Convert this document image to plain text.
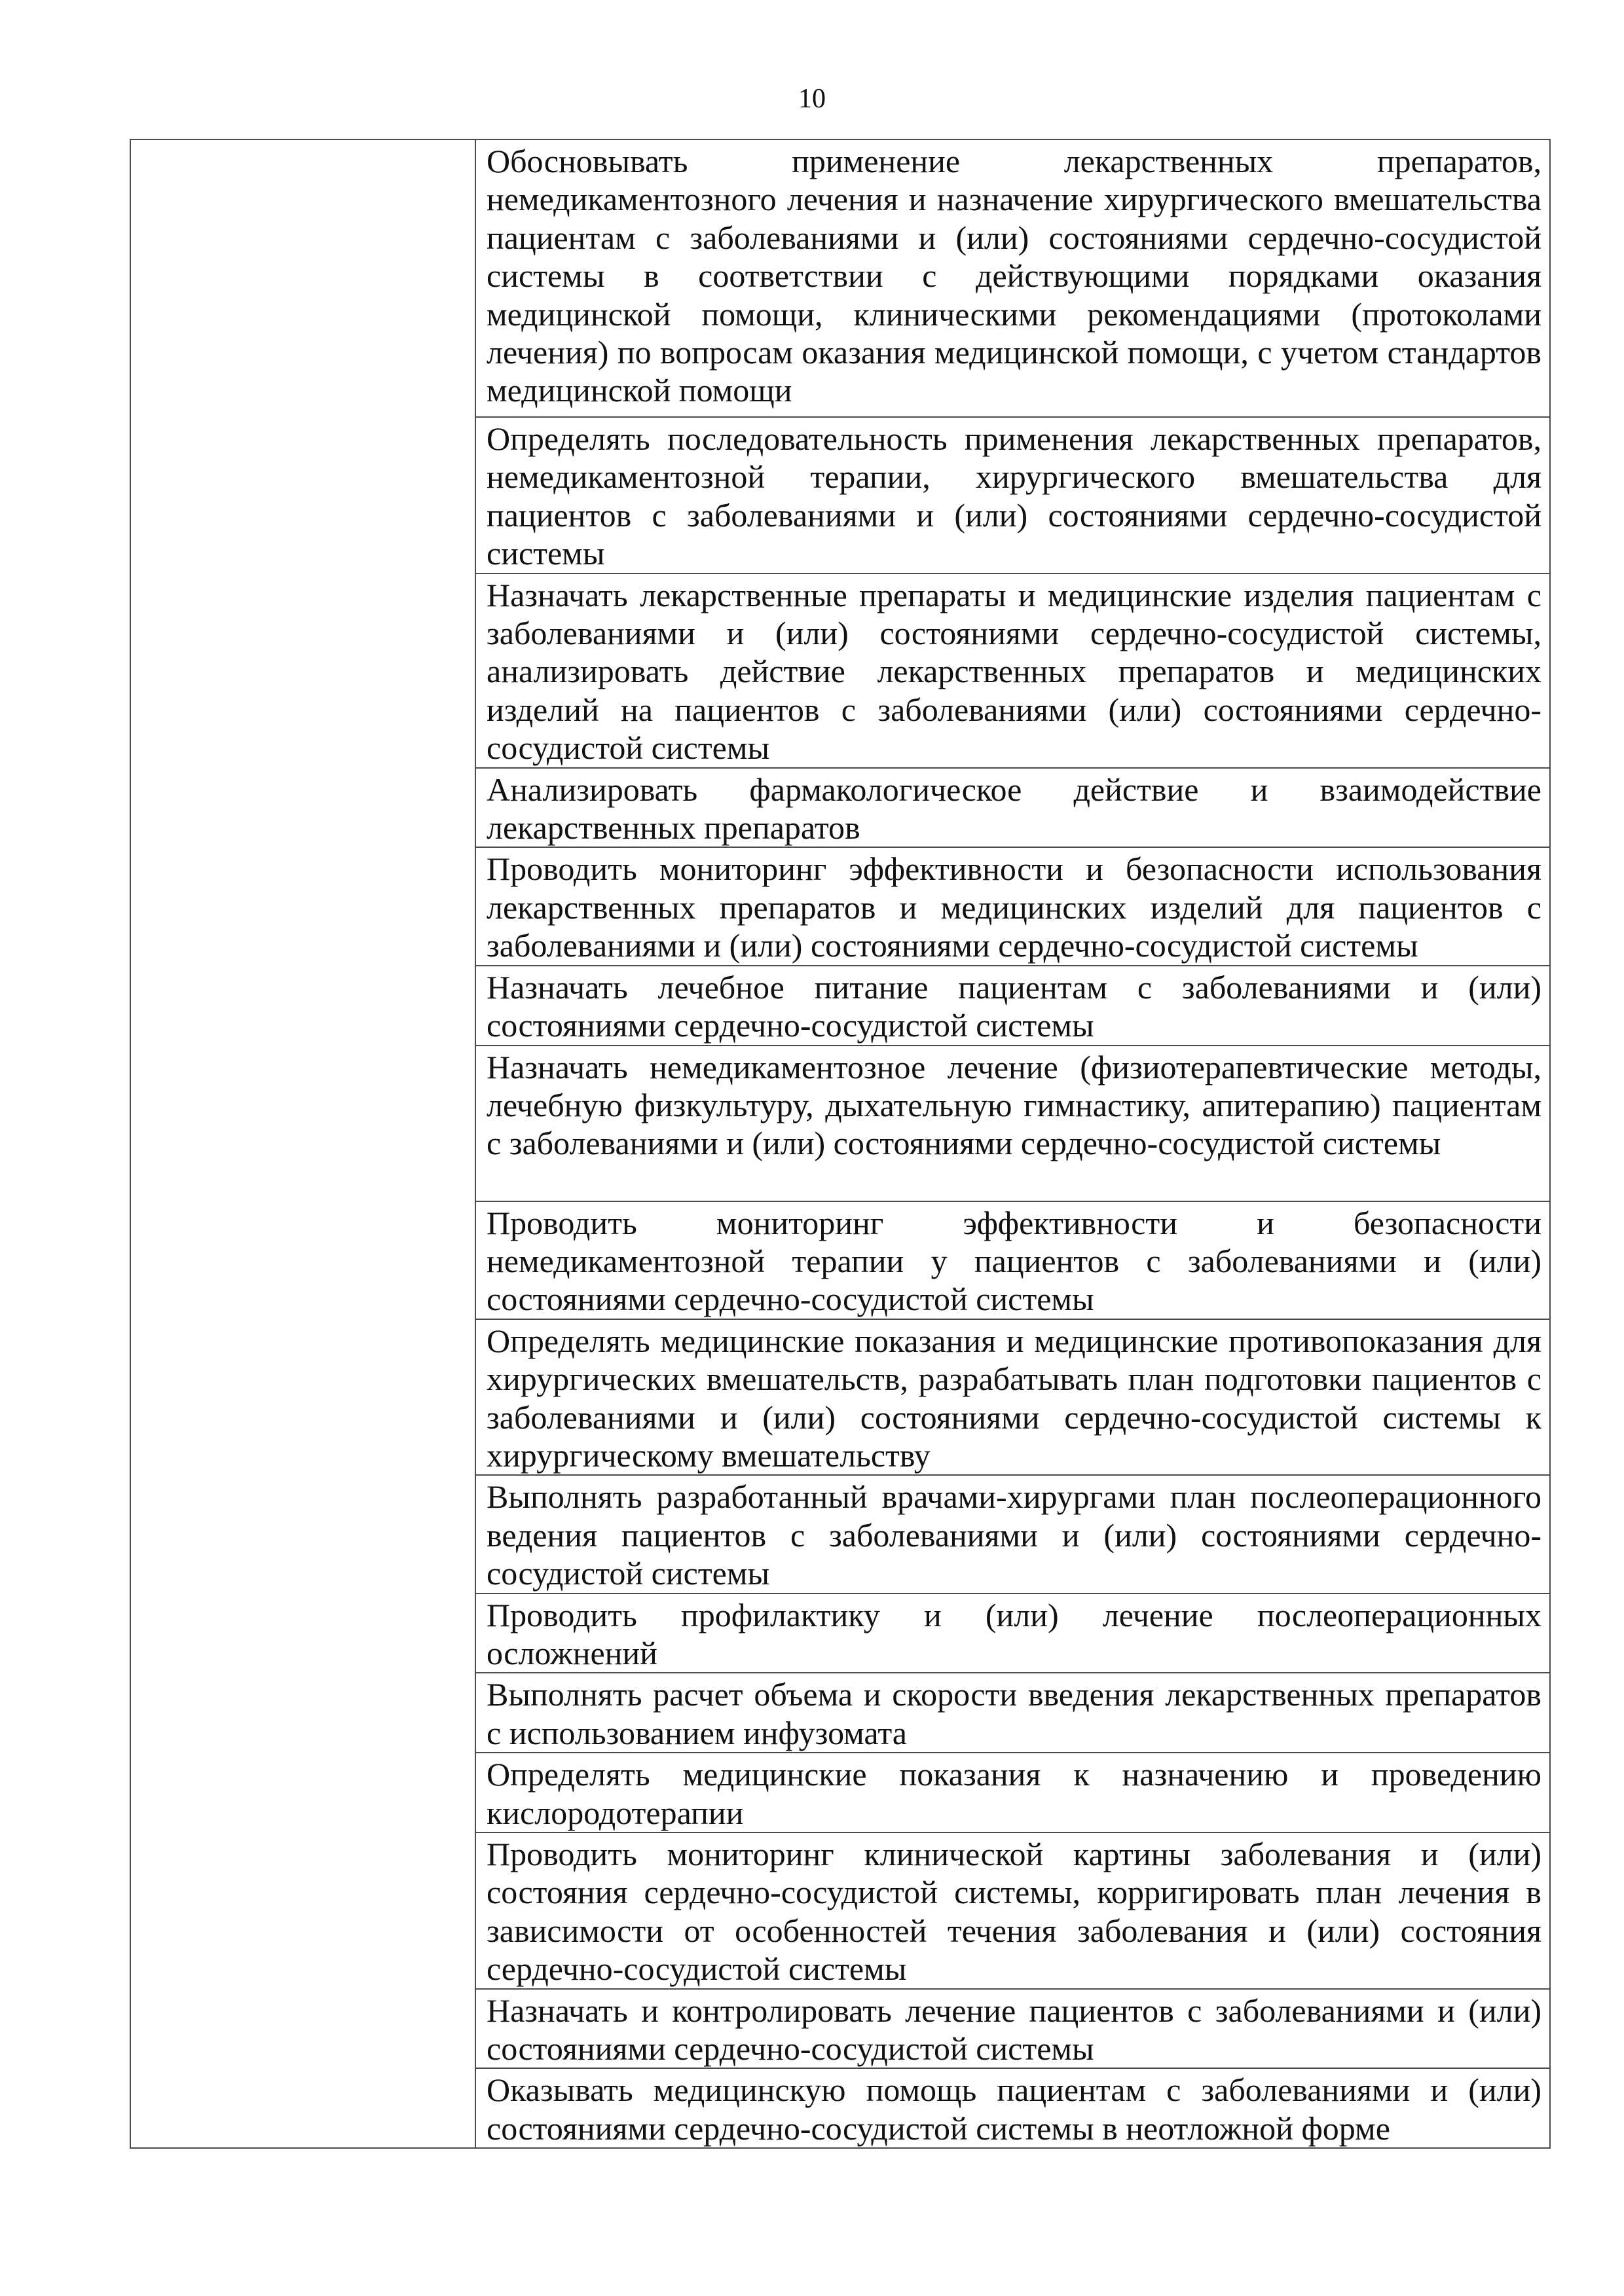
10

Обосновывать применение лекарственных препаратов, немедикаментозного лечения и назначение хирургического вмешательства пациентам с заболеваниями и (или) состояниями сердечно-сосудистой системы в соответствии с действующими порядками оказания медицинской помощи, клиническими рекомендациями (протоколами лечения) по вопросам оказания медицинской помощи, с учетом стандартов медицинской помощи

Определять последовательность применения лекарственных препаратов, немедикаментозной терапии, хирургического вмешательства для пациентов с заболеваниями и (или) состояниями сердечно-сосудистой системы

Назначать лекарственные препараты и медицинские изделия пациентам с заболеваниями и (или) состояниями сердечно-сосудистой системы, анализировать действие лекарственных препаратов и медицинских изделий на пациентов с заболеваниями (или) состояниями сердечно-сосудистой системы

Анализировать фармакологическое действие и взаимодействие лекарственных препаратов

Проводить мониторинг эффективности и безопасности использования лекарственных препаратов и медицинских изделий для пациентов с заболеваниями и (или) состояниями сердечно-сосудистой системы

Назначать лечебное питание пациентам с заболеваниями и (или) состояниями сердечно-сосудистой системы

Назначать немедикаментозное лечение (физиотерапевтические методы, лечебную физкультуру, дыхательную гимнастику, апитерапию) пациентам с заболеваниями и (или) состояниями сердечно-сосудистой системы

Проводить мониторинг эффективности и безопасности немедикаментозной терапии у пациентов с заболеваниями и (или) состояниями сердечно-сосудистой системы

Определять медицинские показания и медицинские противопоказания для хирургических вмешательств, разрабатывать план подготовки пациентов с заболеваниями и (или) состояниями сердечно-сосудистой системы к хирургическому вмешательству

Выполнять разработанный врачами-хирургами план послеоперационного ведения пациентов с заболеваниями и (или) состояниями сердечно-сосудистой системы

Проводить профилактику и (или) лечение послеоперационных осложнений

Выполнять расчет объема и скорости введения лекарственных препаратов с использованием инфузомата

Определять медицинские показания к назначению и проведению кислородотерапии

Проводить мониторинг клинической картины заболевания и (или) состояния сердечно-сосудистой системы, корригировать план лечения в зависимости от особенностей течения заболевания и (или) состояния сердечно-сосудистой системы

Назначать и контролировать лечение пациентов с заболеваниями и (или) состояниями сердечно-сосудистой системы

Оказывать медицинскую помощь пациентам с заболеваниями и (или) состояниями сердечно-сосудистой системы в неотложной форме
